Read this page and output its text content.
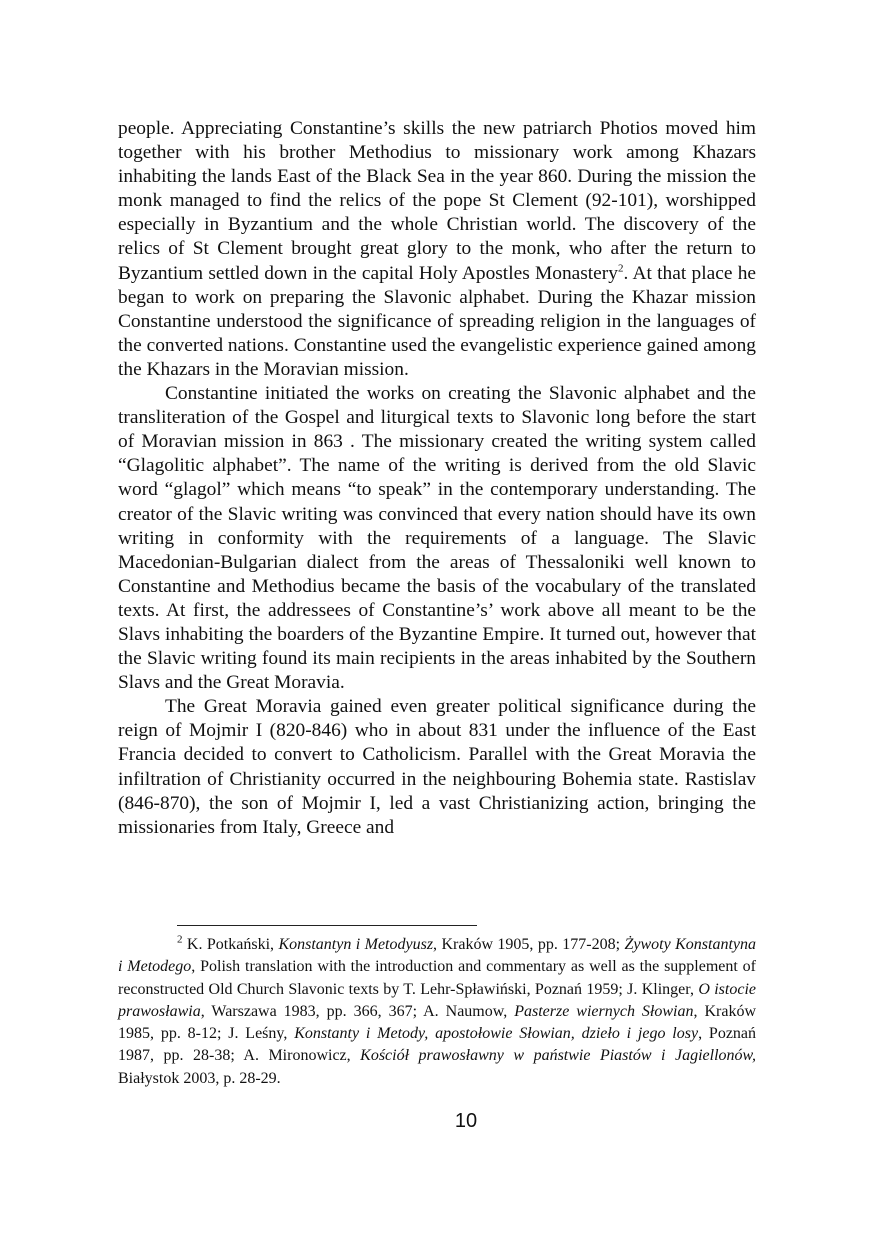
people. Appreciating Constantine’s skills the new patriarch Photios moved him together with his brother Methodius to missionary work among Khazars inhabiting the lands East of the Black Sea in the year 860. During the mission the monk managed to find the relics of the pope St Clement (92-101), worshipped especially in Byzantium and the whole Christian world. The discovery of the relics of St Clement brought great glory to the monk, who after the return to Byzantium settled down in the capital Holy Apostles Monastery$^2$. At that place he began to work on preparing the Slavonic alphabet. During the Khazar mission Constantine understood the significance of spreading religion in the languages of the converted nations. Constantine used the evangelistic experience gained among the Khazars in the Moravian mission.

Constantine initiated the works on creating the Slavonic alphabet and the transliteration of the Gospel and liturgical texts to Slavonic long before the start of Moravian mission in 863 . The missionary created the writing system called “Glagolitic alphabet”. The name of the writing is derived from the old Slavic word “glagol” which means “to speak” in the contemporary understanding. The creator of the Slavic writing was convinced that every nation should have its own writing in conformity with the requirements of a language. The Slavic Macedonian-Bulgarian dialect from the areas of Thessaloniki well known to Constantine and Methodius became the basis of the vocabulary of the translated texts. At first, the addressees of Constantine’s’ work above all meant to be the Slavs inhabiting the boarders of the Byzantine Empire. It turned out, however that the Slavic writing found its main recipients in the areas inhabited by the Southern Slavs and the Great Moravia.

The Great Moravia gained even greater political significance during the reign of Mojmir I (820-846) who in about 831 under the influence of the East Francia decided to convert to Catholicism. Parallel with the Great Moravia the infiltration of Christianity occurred in the neighbouring Bohemia state. Rastislav (846-870), the son of Mojmir I, led a vast Christianizing action, bringing the missionaries from Italy, Greece and

$^2$ K. Potkański, Konstantyn i Metodyusz, Kraków 1905, pp. 177-208; Żywoty Konstantyna i Metodego, Polish translation with the introduction and commentary as well as the supplement of reconstructed Old Church Slavonic texts by T. Lehr-Spławiński, Poznań 1959; J. Klinger, O istocie prawosławia, Warszawa 1983, pp. 366, 367; A. Naumow, Pasterze wiernych Słowian, Kraków 1985, pp. 8-12; J. Leśny, Konstanty i Metody, apostołowie Słowian, dzieło i jego losy, Poznań 1987, pp. 28-38; A. Mironowicz, Kościół prawosławny w państwie Piastów i Jagiellonów, Białystok 2003, p. 28-29.

10
